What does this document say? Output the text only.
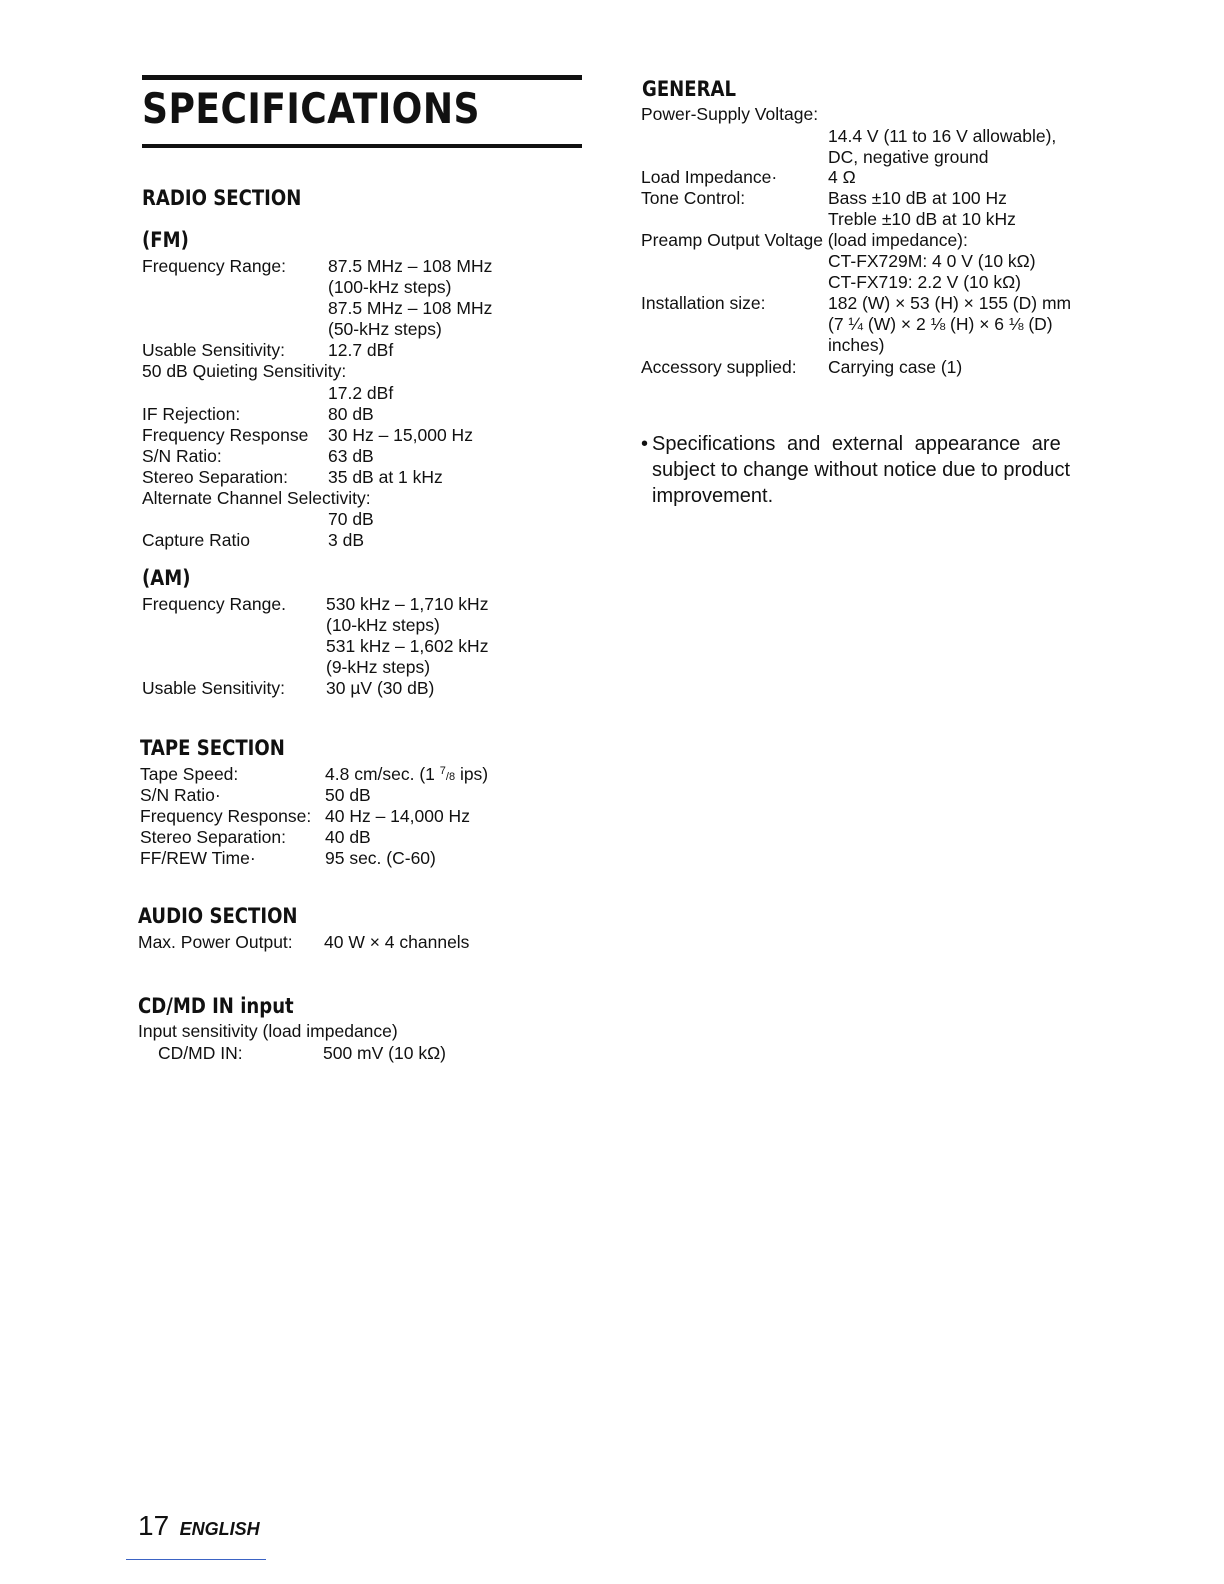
SPECIFICATIONS
RADIO SECTION
(FM)
Frequency Range: 87.5 MHz – 108 MHz
(100-kHz steps)
87.5 MHz – 108 MHz
(50-kHz steps)
Usable Sensitivity: 12.7 dBf
50 dB Quieting Sensitivity:
17.2 dBf
IF Rejection:	80 dB
Frequency Response 30 Hz – 15,000 Hz
S/N Ratio:	63 dB
Stereo Separation: 35 dB at 1 kHz
Alternate Channel Selectivity:
70 dB
Capture Ratio	3 dB
(AM)
Frequency Range. 530 kHz – 1,710 kHz
(10-kHz steps)
531 kHz – 1,602 kHz
(9-kHz steps)
Usable Sensitivity: 30 µV (30 dB)
TAPE SECTION
Tape Speed:	4.8 cm/sec. (1 $^7$/8 ips)
S/N Ratio·	50 dB
Frequency Response: 40 Hz – 14,000 Hz
Stereo Separation: 40 dB
FF/REW Time·	95 sec. (C-60)
AUDIO SECTION
Max. Power Output: 40 W × 4 channels
CD/MD IN input
Input sensitivity (load impedance)
CD/MD IN:	500 mV (10 kΩ)
GENERAL
Power-Supply Voltage:
14.4 V (11 to 16 V allowable),
DC, negative ground
Load Impedance·	4 Ω
Tone Control:	Bass ±10 dB at 100 Hz
Treble ±10 dB at 10 kHz
Preamp Output Voltage (load impedance):
CT-FX729M: 4 0 V (10 kΩ)
CT-FX719: 2.2 V (10 kΩ)
Installation size:	182 (W) × 53 (H) × 155 (D) mm
(7 ¼ (W) × 2 ⅛ (H) × 6 ⅛ (D)
inches)
Accessory supplied: Carrying case (1)
• Specifications and external appearance are
subject to change without notice due to product
improvement.
17 ENGLISH
